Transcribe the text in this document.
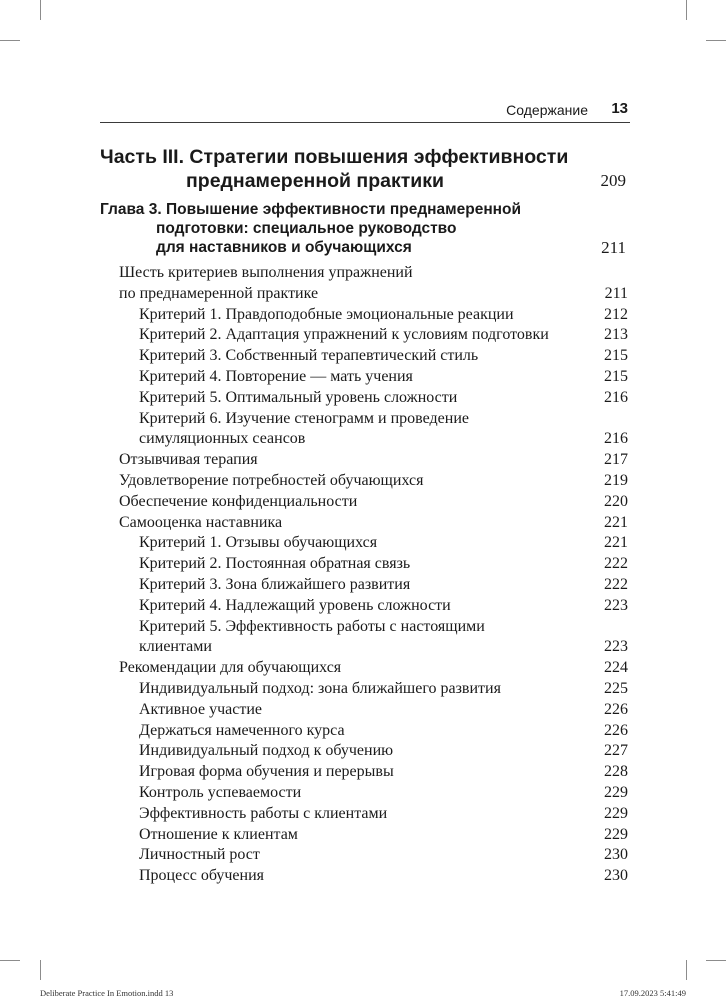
Содержание 13
Часть III. Стратегии повышения эффективности
преднамеренной практики	209
Глава 3. Повышение эффективности преднамеренной
подготовки: специальное руководство
для наставников и обучающихся	211
Шесть критериев выполнения упражнений
по преднамеренной практике	211
Критерий 1. Правдоподобные эмоциональные реакции	212
Критерий 2. Адаптация упражнений к условиям подготовки	213
Критерий 3. Собственный терапевтический стиль	215
Критерий 4. Повторение — мать учения	215
Критерий 5. Оптимальный уровень сложности	216
Критерий 6. Изучение стенограмм и проведение
симуляционных сеансов	216
Отзывчивая терапия	217
Удовлетворение потребностей обучающихся	219
Обеспечение конфиденциальности	220
Самооценка наставника	221
Критерий 1. Отзывы обучающихся	221
Критерий 2. Постоянная обратная связь	222
Критерий 3. Зона ближайшего развития	222
Критерий 4. Надлежащий уровень сложности	223
Критерий 5. Эффективность работы с настоящими
клиентами	223
Рекомендации для обучающихся	224
Индивидуальный подход: зона ближайшего развития	225
Активное участие	226
Держаться намеченного курса	226
Индивидуальный подход к обучению	227
Игровая форма обучения и перерывы	228
Контроль успеваемости	229
Эффективность работы с клиентами	229
Отношение к клиентам	229
Личностный рост	230
Процесс обучения	230
Deliberate Practice In Emotion.indd 13	17.09.2023 5:41:49
